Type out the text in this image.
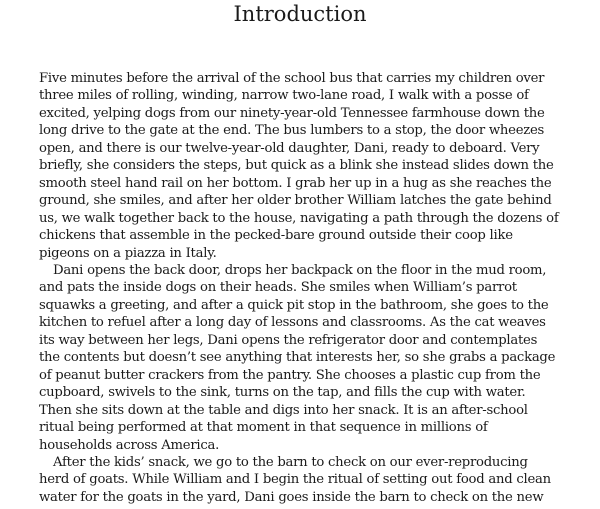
Introduction
Five minutes before the arrival of the school bus that carries my children over
three miles of rolling, winding, narrow two-lane road, I walk with a posse of
excited, yelping dogs from our ninety-year-old Tennessee farmhouse down the
long drive to the gate at the end. The bus lumbers to a stop, the door wheezes
open, and there is our twelve-year-old daughter, Dani, ready to deboard. Very
briefly, she considers the steps, but quick as a blink she instead slides down the
smooth steel hand rail on her bottom. I grab her up in a hug as she reaches the
ground, she smiles, and after her older brother William latches the gate behind
us, we walk together back to the house, navigating a path through the dozens of
chickens that assemble in the pecked-bare ground outside their coop like
pigeons on a piazza in Italy.
Dani opens the back door, drops her backpack on the floor in the mud room,
and pats the inside dogs on their heads. She smiles when William’s parrot
squawks a greeting, and after a quick pit stop in the bathroom, she goes to the
kitchen to refuel after a long day of lessons and classrooms. As the cat weaves
its way between her legs, Dani opens the refrigerator door and contemplates
the contents but doesn’t see anything that interests her, so she grabs a package
of peanut butter crackers from the pantry. She chooses a plastic cup from the
cupboard, swivels to the sink, turns on the tap, and fills the cup with water.
Then she sits down at the table and digs into her snack. It is an after-school
ritual being performed at that moment in that sequence in millions of
households across America.
After the kids’ snack, we go to the barn to check on our ever-reproducing
herd of goats. While William and I begin the ritual of setting out food and clean
water for the goats in the yard, Dani goes inside the barn to check on the new
